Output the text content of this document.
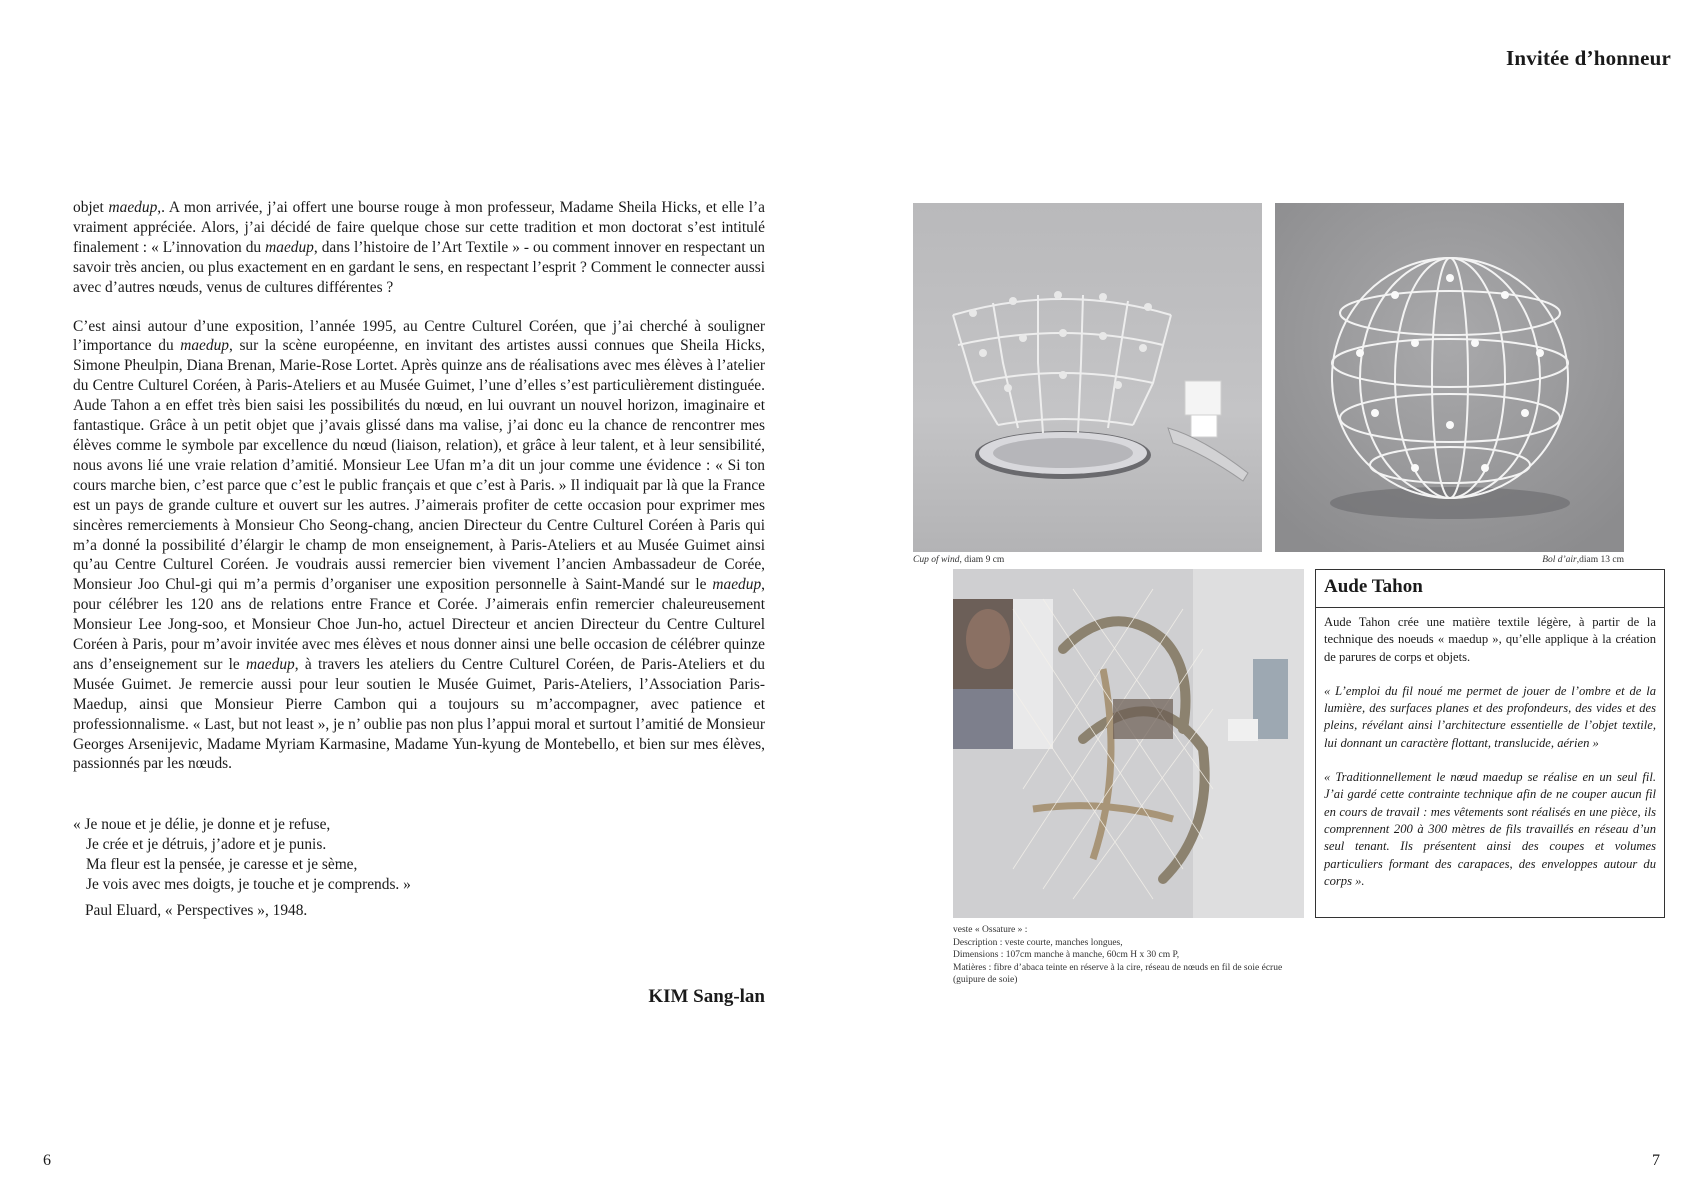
Invitée d’honneur

objet maedup,. A mon arrivée, j’ai offert une bourse rouge à mon professeur, Madame Sheila Hicks, et elle l’a vraiment appréciée. Alors, j’ai décidé de faire quelque chose sur cette tradition et mon doctorat s’est intitulé finalement : « L’innovation du maedup, dans l’histoire de l’Art Textile » - ou comment innover en respectant un savoir très ancien, ou plus exactement en en gardant le sens, en respectant l’esprit ? Comment le connecter aussi avec d’autres nœuds, venus de cultures différentes ?

C’est ainsi autour d’une exposition, l’année 1995, au Centre Culturel Coréen, que j’ai cherché à souligner l’importance du maedup, sur la scène européenne, en invitant des artistes aussi connues que Sheila Hicks, Simone Pheulpin, Diana Brenan, Marie-Rose Lortet. Après quinze ans de réalisations avec mes élèves à l’atelier du Centre Culturel Coréen, à Paris-Ateliers et au Musée Guimet, l’une d’elles s’est particulièrement distinguée. Aude Tahon a en effet très bien saisi les possibilités du nœud, en lui ouvrant un nouvel horizon, imaginaire et fantastique. Grâce à un petit objet que j’avais glissé dans ma valise, j’ai donc eu la chance de rencontrer mes élèves comme le symbole par excellence du nœud (liaison, relation), et grâce à leur talent, et à leur sensibilité, nous avons lié une vraie relation d’amitié. Monsieur Lee Ufan m’a dit un jour comme une évidence : « Si ton cours marche bien, c’est parce que c’est le public français et que c’est à Paris. » Il indiquait par là que la France est un pays de grande culture et ouvert sur les autres. J’aimerais profiter de cette occasion pour exprimer mes sincères remerciements à Monsieur Cho Seong-chang, ancien Directeur du Centre Culturel Coréen à Paris qui m’a donné la possibilité d’élargir le champ de mon enseignement, à Paris-Ateliers et au Musée Guimet ainsi qu’au Centre Culturel Coréen. Je voudrais aussi remercier bien vivement l’ancien Ambassadeur de Corée, Monsieur Joo Chul-gi qui m’a permis d’organiser une exposition personnelle à Saint-Mandé sur le maedup, pour célébrer les 120 ans de relations entre France et Corée. J’aimerais enfin remercier chaleureusement Monsieur Lee Jong-soo, et Monsieur Choe Jun-ho, actuel Directeur et ancien Directeur du Centre Culturel Coréen à Paris, pour m’avoir invitée avec mes élèves et nous donner ainsi une belle occasion de célébrer quinze ans d’enseignement sur le maedup, à travers les ateliers du Centre Culturel Coréen, de Paris-Ateliers et du Musée Guimet. Je remercie aussi pour leur soutien le Musée Guimet, Paris-Ateliers, l’Association Paris-Maedup, ainsi que Monsieur Pierre Cambon qui a toujours su m’accompagner, avec patience et professionnalisme. « Last, but not least », je n’ oublie pas non plus l’appui moral et surtout l’amitié de Monsieur Georges Arsenijevic, Madame Myriam Karmasine, Madame Yun-kyung de Montebello, et bien sur mes élèves, passionnés par les nœuds.

« Je noue et je délie, je donne et je refuse,
Je crée et je détruis, j’adore et je punis.
Ma fleur est la pensée, je caresse et je sème,
Je vois avec mes doigts, je touche et je comprends. »
Paul Eluard, « Perspectives », 1948.
KIM Sang-lan
6	7
Cup of wind, diam 9 cm	Bol d’air,diam 13 cm
veste « Ossature » :
Description : veste courte, manches longues,
Dimensions : 107cm manche à manche, 60cm H x 30 cm P,
Matières : fibre d’abaca teinte en réserve à la cire, réseau de nœuds en fil de soie écrue
(guipure de soie)
Aude Tahon

Aude Tahon crée une matière textile légère, à partir de la technique des noeuds « maedup », qu’elle applique à la création de parures de corps et objets.

« L’emploi du fil noué me permet de jouer de l’ombre et de la lumière, des surfaces planes et des profondeurs, des vides et des pleins, révélant ainsi l’architecture essentielle de l’objet textile, lui donnant un caractère flottant, translucide, aérien »

« Traditionnellement le nœud maedup se réalise en un seul fil. J’ai gardé cette contrainte technique afin de ne couper aucun fil en cours de travail : mes vêtements sont réalisés en une pièce, ils comprennent 200 à 300 mètres de fils travaillés en réseau d’un seul tenant. Ils présentent ainsi des coupes et volumes particuliers formant des carapaces, des enveloppes autour du corps ».
